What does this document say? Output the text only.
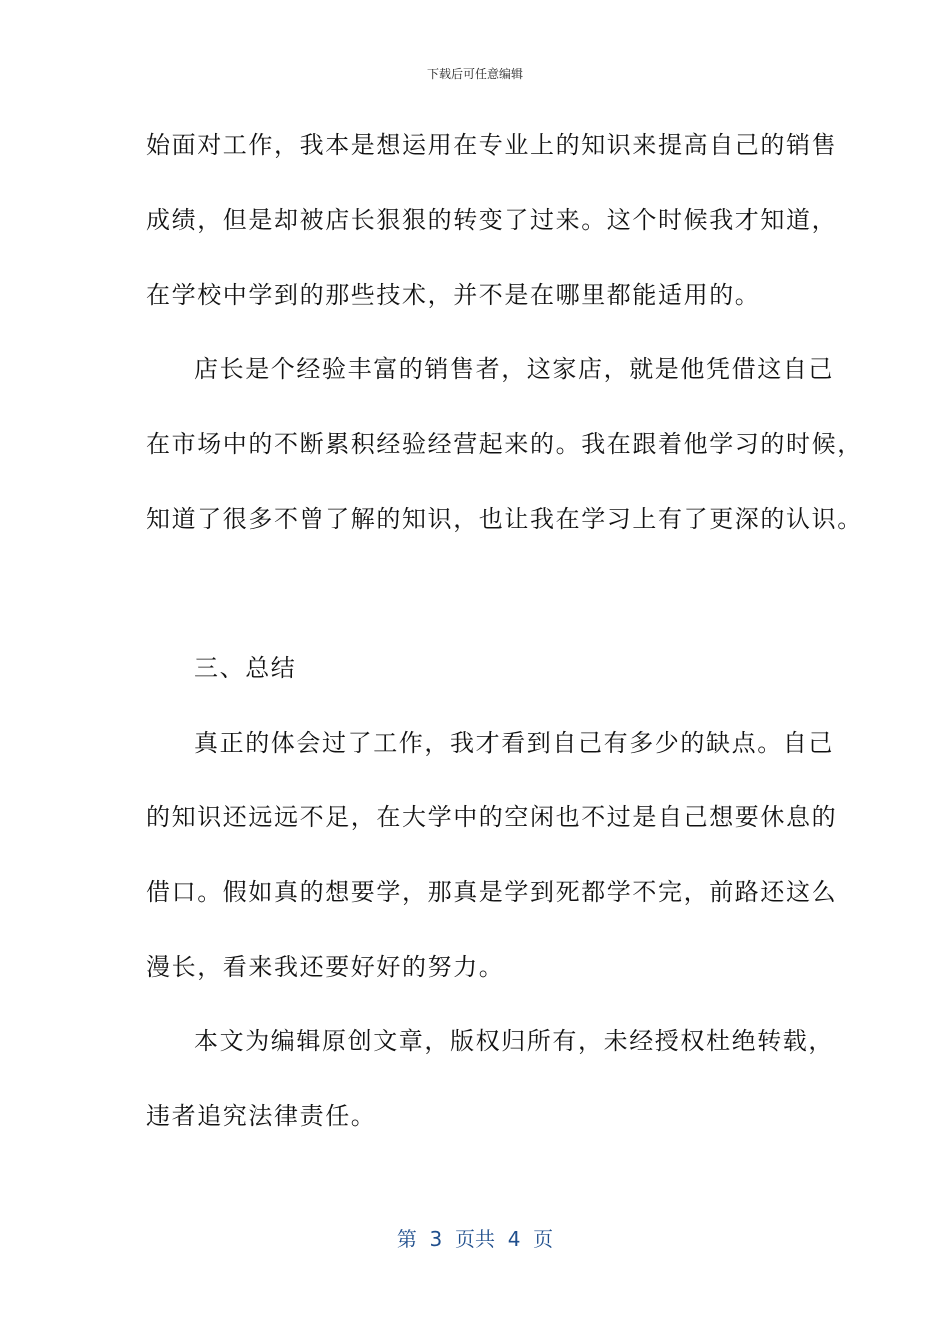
下载后可任意编辑
始面对工作，我本是想运用在专业上的知识来提高自己的销售
成绩，但是却被店长狠狠的转变了过来。这个时候我才知道，
在学校中学到的那些技术，并不是在哪里都能适用的。
店长是个经验丰富的销售者，这家店，就是他凭借这自己
在市场中的不断累积经验经营起来的。我在跟着他学习的时候，
知道了很多不曾了解的知识，也让我在学习上有了更深的认识。
三、总结
真正的体会过了工作，我才看到自己有多少的缺点。自己
的知识还远远不足，在大学中的空闲也不过是自己想要休息的
借口。假如真的想要学，那真是学到死都学不完，前路还这么
漫长，看来我还要好好的努力。
本文为编辑原创文章，版权归所有，未经授权杜绝转载，
违者追究法律责任。
第  3  页共  4  页
